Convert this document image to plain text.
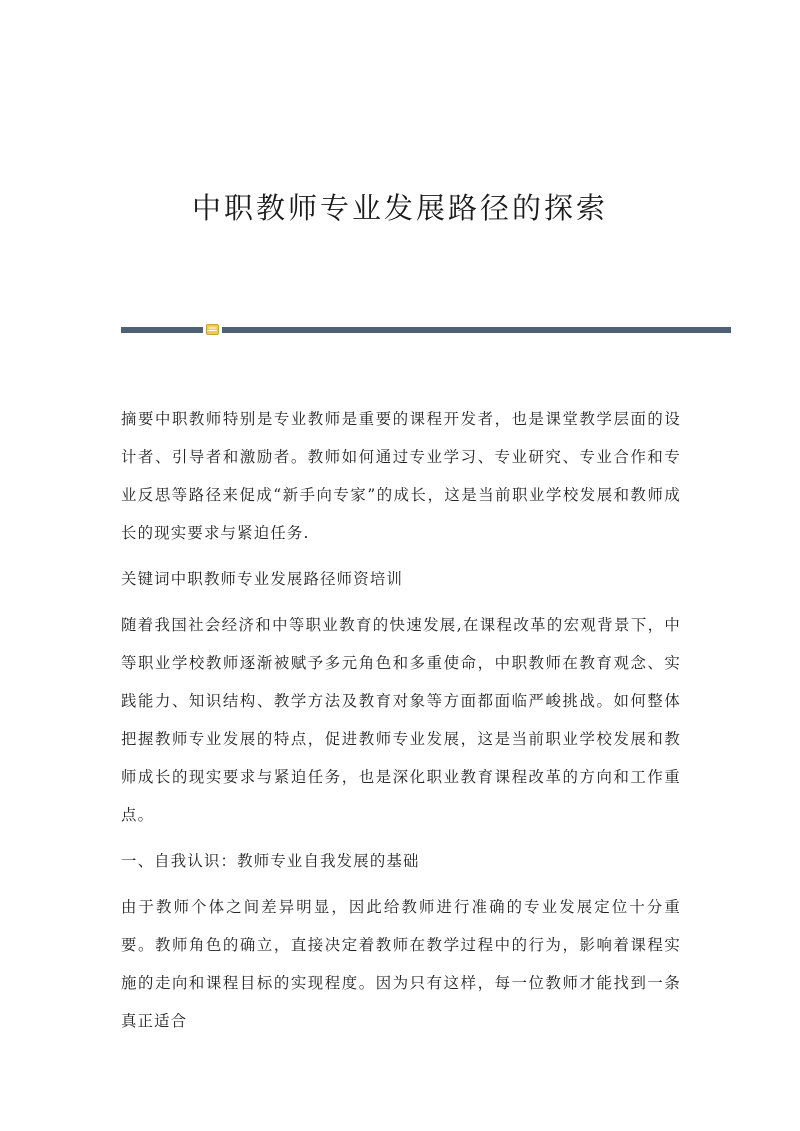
中职教师专业发展路径的探索

摘要中职教师特别是专业教师是重要的课程开发者，也是课堂教学层面的设计者、引导者和激励者。教师如何通过专业学习、专业研究、专业合作和专业反思等路径来促成“新手向专家”的成长，这是当前职业学校发展和教师成长的现实要求与紧迫任务.

关键词中职教师专业发展路径师资培训

随着我国社会经济和中等职业教育的快速发展,在课程改革的宏观背景下，中等职业学校教师逐渐被赋予多元角色和多重使命，中职教师在教育观念、实践能力、知识结构、教学方法及教育对象等方面都面临严峻挑战。如何整体把握教师专业发展的特点，促进教师专业发展，这是当前职业学校发展和教师成长的现实要求与紧迫任务，也是深化职业教育课程改革的方向和工作重点。

一、自我认识：教师专业自我发展的基础

由于教师个体之间差异明显，因此给教师进行准确的专业发展定位十分重要。教师角色的确立，直接决定着教师在教学过程中的行为，影响着课程实施的走向和课程目标的实现程度。因为只有这样，每一位教师才能找到一条真正适合
